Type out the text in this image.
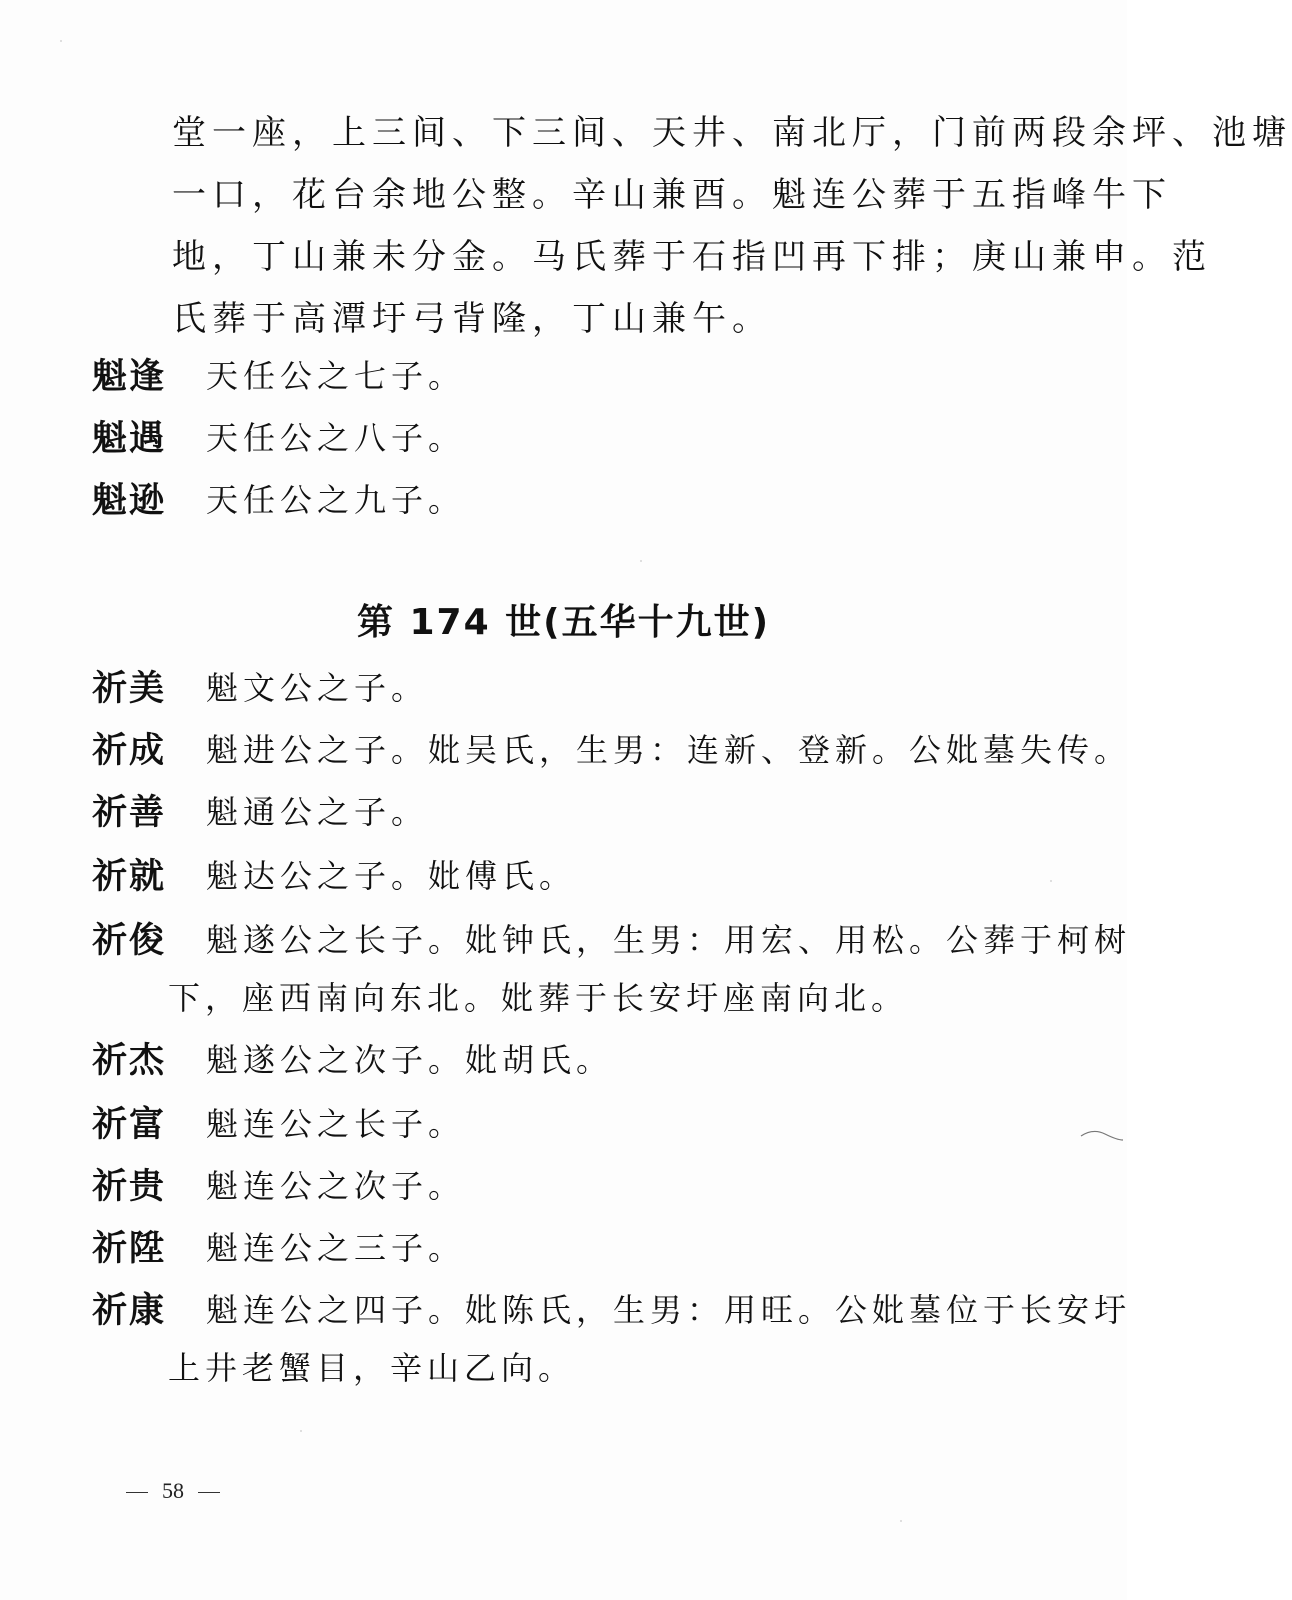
堂一座，上三间、下三间、天井、南北厅，门前两段余坪、池塘
一口，花台余地公整。辛山兼酉。魁连公葬于五指峰牛下
地，丁山兼未分金。马氏葬于石指凹再下排；庚山兼申。范
氏葬于高潭圩弓背隆，丁山兼午。
魁逢	天任公之七子。
魁遇	天任公之八子。
魁逊	天任公之九子。
第 174 世(五华十九世)
祈美	魁文公之子。
祈成	魁进公之子。妣吴氏，生男：连新、登新。公妣墓失传。
祈善	魁通公之子。
祈就	魁达公之子。妣傅氏。
祈俊	魁遂公之长子。妣钟氏，生男：用宏、用松。公葬于柯树
下，座西南向东北。妣葬于长安圩座南向北。
祈杰	魁遂公之次子。妣胡氏。
祈富	魁连公之长子。
祈贵	魁连公之次子。
祈陞	魁连公之三子。
祈康	魁连公之四子。妣陈氏，生男：用旺。公妣墓位于长安圩
上井老蟹目，辛山乙向。
58
